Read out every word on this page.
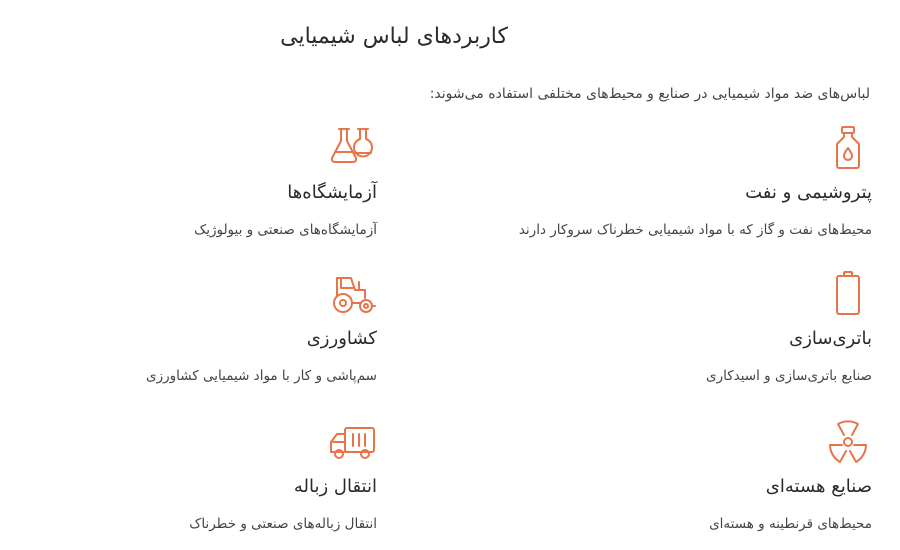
کاربردهای لباس شیمیایی

لباس‌های ضد مواد شیمیایی در صنایع و محیط‌های مختلفی استفاده می‌شوند:

پتروشیمی و نفت

محیط‌های نفت و گاز که با مواد شیمیایی خطرناک سروکار دارند

آزمایشگاه‌ها

آزمایشگاه‌های صنعتی و بیولوژیک

باتری‌سازی

صنایع باتری‌سازی و اسیدکاری

کشاورزی

سم‌پاشی و کار با مواد شیمیایی کشاورزی

صنایع هسته‌ای

محیط‌های قرنطینه و هسته‌ای

انتقال زباله

انتقال زباله‌های صنعتی و خطرناک
